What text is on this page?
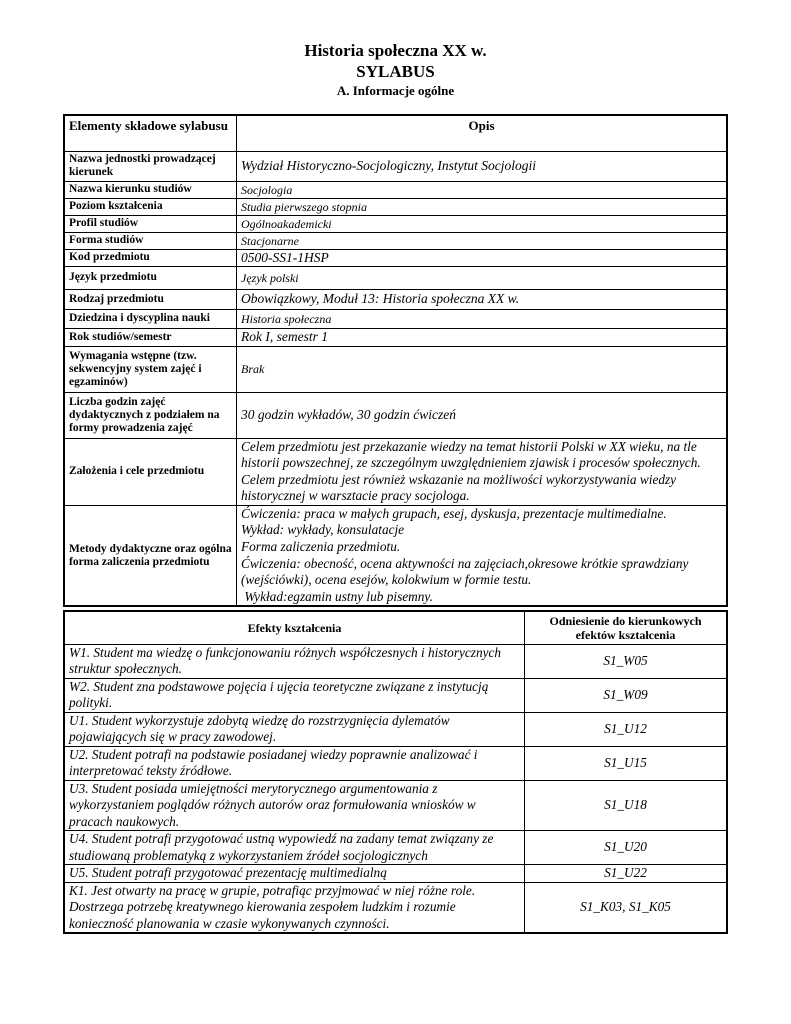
Historia społeczna XX w.
SYLABUS
A. Informacje ogólne
Elementy składowe sylabusu	Opis
Nazwa jednostki prowadzącej kierunek	Wydział Historyczno-Socjologiczny, Instytut Socjologii
Nazwa kierunku studiów	Socjologia
Poziom kształcenia	Studia pierwszego stopnia
Profil studiów	Ogólnoakademicki
Forma studiów	Stacjonarne
Kod przedmiotu	0500-SS1-1HSP
Język przedmiotu	Język polski
Rodzaj przedmiotu	Obowiązkowy, Moduł 13: Historia społeczna XX w.
Dziedzina i dyscyplina nauki	Historia społeczna
Rok studiów/semestr	Rok I, semestr 1
Wymagania wstępne (tzw. sekwencyjny system zajęć i egzaminów)	Brak
Liczba godzin zajęć dydaktycznych z podziałem na formy prowadzenia zajęć	30 godzin wykładów, 30 godzin ćwiczeń
Założenia i cele przedmiotu	Celem przedmiotu jest przekazanie wiedzy na temat historii Polski w XX wieku, na tle historii powszechnej, ze szczególnym uwzględnieniem zjawisk i procesów społecznych. Celem przedmiotu jest również wskazanie na możliwości wykorzystywania wiedzy historycznej w warsztacie pracy socjologa.
Metody dydaktyczne oraz ogólna forma zaliczenia przedmiotu	Ćwiczenia: praca w małych grupach, esej, dyskusja, prezentacje multimedialne.
Wykład: wykłady, konsulatacje
Forma zaliczenia przedmiotu.
Ćwiczenia: obecność, ocena aktywności na zajęciach,okresowe krótkie sprawdziany (wejściówki), ocena esejów, kolokwium w formie testu.
Wykład:egzamin ustny lub pisemny.
Efekty kształcenia	Odniesienie do kierunkowych efektów kształcenia
W1. Student ma wiedzę o funkcjonowaniu różnych współczesnych i historycznych struktur społecznych.	S1_W05
W2. Student zna podstawowe pojęcia i ujęcia teoretyczne związane z instytucją polityki.	S1_W09
U1. Student wykorzystuje zdobytą wiedzę do rozstrzygnięcia dylematów pojawiających się w pracy zawodowej.	S1_U12
U2. Student potrafi na podstawie posiadanej wiedzy poprawnie analizować i interpretować teksty źródłowe.	S1_U15
U3. Student posiada umiejętności merytorycznego argumentowania z wykorzystaniem poglądów różnych autorów oraz formułowania wniosków w pracach naukowych.	S1_U18
U4. Student potrafi przygotować ustną wypowiedź na zadany temat związany ze studiowaną problematyką z wykorzystaniem źródeł socjologicznych	S1_U20
U5. Student potrafi przygotować prezentację multimedialną	S1_U22
K1. Jest otwarty na pracę w grupie, potrafiąc przyjmować w niej różne role. Dostrzega potrzebę kreatywnego kierowania zespołem ludzkim i rozumie konieczność planowania w czasie wykonywanych czynności.	S1_K03, S1_K05
